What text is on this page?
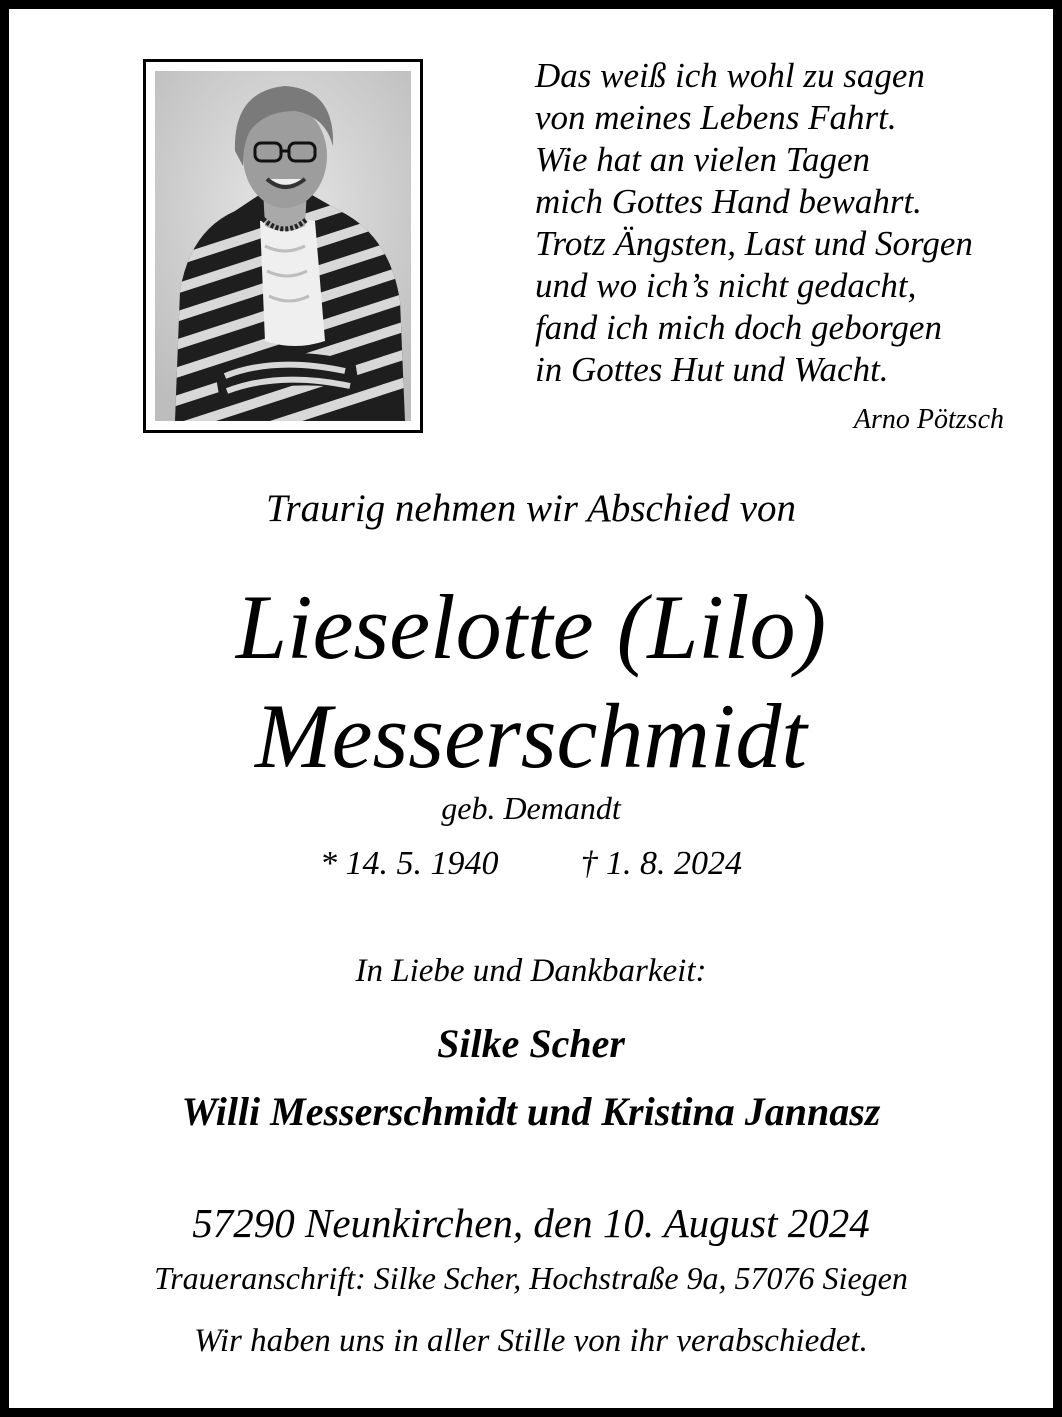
Das weiß ich wohl zu sagen
von meines Lebens Fahrt.
Wie hat an vielen Tagen
mich Gottes Hand bewahrt.
Trotz Ängsten, Last und Sorgen
und wo ich’s nicht gedacht,
fand ich mich doch geborgen
in Gottes Hut und Wacht.
Arno Pötzsch
Traurig nehmen wir Abschied von
Lieselotte (Lilo)
Messerschmidt
geb. Demandt
* 14. 5. 1940 † 1. 8. 2024
In Liebe und Dankbarkeit:
Silke Scher
Willi Messerschmidt und Kristina Jannasz
57290 Neunkirchen, den 10. August 2024
Traueranschrift: Silke Scher, Hochstraße 9a, 57076 Siegen
Wir haben uns in aller Stille von ihr verabschiedet.
